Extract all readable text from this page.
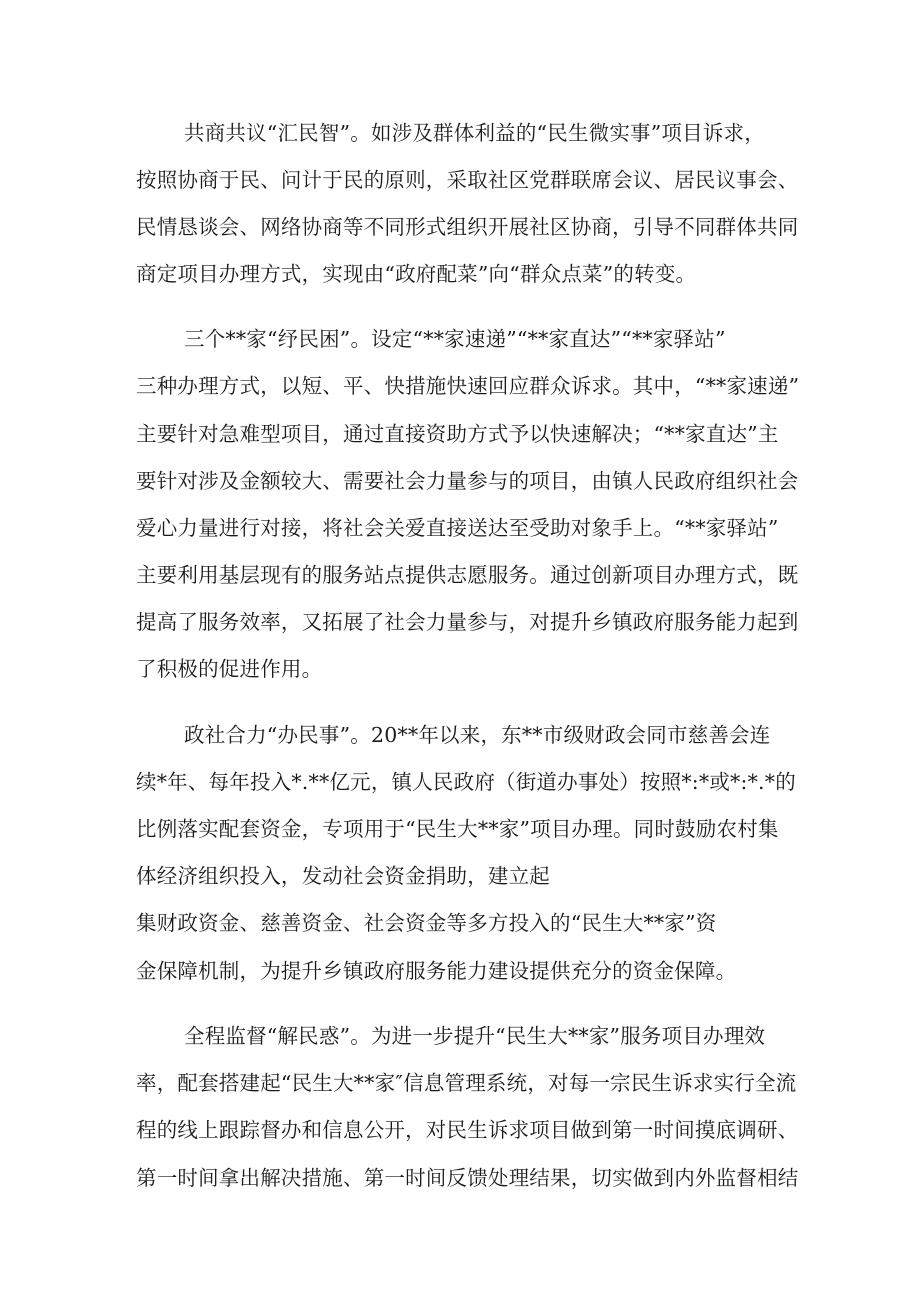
共商共议“汇民智”。如涉及群体利益的“民生微实事”项目诉求，
按照协商于民、问计于民的原则，采取社区党群联席会议、居民议事会、
民情恳谈会、网络协商等不同形式组织开展社区协商，引导不同群体共同
商定项目办理方式，实现由“政府配菜”向“群众点菜”的转变。
三个**家“纾民困”。设定“**家速递”“**家直达”“**家驿站”
三种办理方式，以短、平、快措施快速回应群众诉求。其中，“**家速递”
主要针对急难型项目，通过直接资助方式予以快速解决；“**家直达”主
要针对涉及金额较大、需要社会力量参与的项目，由镇人民政府组织社会
爱心力量进行对接，将社会关爱直接送达至受助对象手上。“**家驿站”
主要利用基层现有的服务站点提供志愿服务。通过创新项目办理方式，既
提高了服务效率，又拓展了社会力量参与，对提升乡镇政府服务能力起到
了积极的促进作用。
政社合力“办民事”。20**年以来，东**市级财政会同市慈善会连
续*年、每年投入*.**亿元，镇人民政府（街道办事处）按照*:*或*:*.*的
比例落实配套资金，专项用于“民生大**家”项目办理。同时鼓励农村集
体经济组织投入，发动社会资金捐助，建立起
集财政资金、慈善资金、社会资金等多方投入的“民生大**家”资
金保障机制，为提升乡镇政府服务能力建设提供充分的资金保障。
全程监督“解民惑”。为进一步提升“民生大**家”服务项目办理效
率，配套搭建起“民生大**家″信息管理系统，对每一宗民生诉求实行全流
程的线上跟踪督办和信息公开，对民生诉求项目做到第一时间摸底调研、
第一时间拿出解决措施、第一时间反馈处理结果，切实做到内外监督相结
